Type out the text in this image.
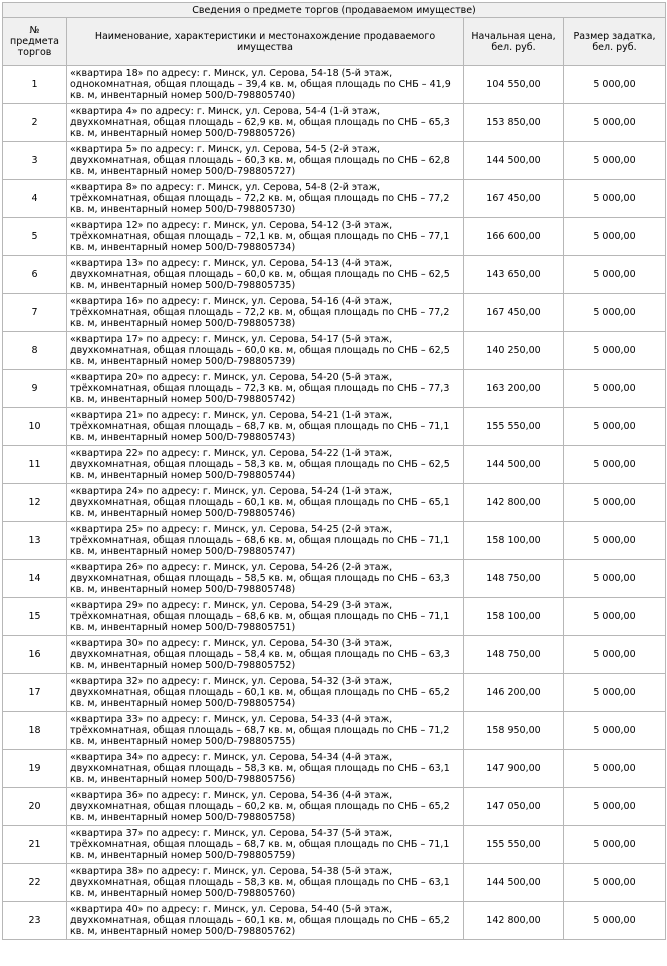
Сведения о предмете торгов (продаваемом имуществе)			
№ предмета торгов	Наименование, характеристики и местонахождение продаваемого имущества	Начальная цена, бел. руб.	Размер задатка, бел. руб.
1	«квартира 18» по адресу: г. Минск, ул. Серова, 54-18 (5-й этаж, однокомнатная, общая площадь – 39,4 кв. м, общая площадь по СНБ – 41,9 кв. м, инвентарный номер 500/D-798805740)	104 550,00	5 000,00
2	«квартира 4» по адресу: г. Минск, ул. Серова, 54-4 (1-й этаж, двухкомнатная, общая площадь – 62,9 кв. м, общая площадь по СНБ – 65,3 кв. м, инвентарный номер 500/D-798805726)	153 850,00	5 000,00
3	«квартира 5» по адресу: г. Минск, ул. Серова, 54-5 (2-й этаж, двухкомнатная, общая площадь – 60,3 кв. м, общая площадь по СНБ – 62,8 кв. м, инвентарный номер 500/D-798805727)	144 500,00	5 000,00
4	«квартира 8» по адресу: г. Минск, ул. Серова, 54-8 (2-й этаж, трёхкомнатная, общая площадь – 72,2 кв. м, общая площадь по СНБ – 77,2 кв. м, инвентарный номер 500/D-798805730)	167 450,00	5 000,00
5	«квартира 12» по адресу: г. Минск, ул. Серова, 54-12 (3-й этаж, трёхкомнатная, общая площадь – 72,1 кв. м, общая площадь по СНБ – 77,1 кв. м, инвентарный номер 500/D-798805734)	166 600,00	5 000,00
6	«квартира 13» по адресу: г. Минск, ул. Серова, 54-13 (4-й этаж, двухкомнатная, общая площадь – 60,0 кв. м, общая площадь по СНБ – 62,5 кв. м, инвентарный номер 500/D-798805735)	143 650,00	5 000,00
7	«квартира 16» по адресу: г. Минск, ул. Серова, 54-16 (4-й этаж, трёхкомнатная, общая площадь – 72,2 кв. м, общая площадь по СНБ – 77,2 кв. м, инвентарный номер 500/D-798805738)	167 450,00	5 000,00
8	«квартира 17» по адресу: г. Минск, ул. Серова, 54-17 (5-й этаж, двухкомнатная, общая площадь – 60,0 кв. м, общая площадь по СНБ – 62,5 кв. м, инвентарный номер 500/D-798805739)	140 250,00	5 000,00
9	«квартира 20» по адресу: г. Минск, ул. Серова, 54-20 (5-й этаж, трёхкомнатная, общая площадь – 72,3 кв. м, общая площадь по СНБ – 77,3 кв. м, инвентарный номер 500/D-798805742)	163 200,00	5 000,00
10	«квартира 21» по адресу: г. Минск, ул. Серова, 54-21 (1-й этаж, трёхкомнатная, общая площадь – 68,7 кв. м, общая площадь по СНБ – 71,1 кв. м, инвентарный номер 500/D-798805743)	155 550,00	5 000,00
11	«квартира 22» по адресу: г. Минск, ул. Серова, 54-22 (1-й этаж, двухкомнатная, общая площадь – 58,3 кв. м, общая площадь по СНБ – 62,5 кв. м, инвентарный номер 500/D-798805744)	144 500,00	5 000,00
12	«квартира 24» по адресу: г. Минск, ул. Серова, 54-24 (1-й этаж, двухкомнатная, общая площадь – 60,1 кв. м, общая площадь по СНБ – 65,1 кв. м, инвентарный номер 500/D-798805746)	142 800,00	5 000,00
13	«квартира 25» по адресу: г. Минск, ул. Серова, 54-25 (2-й этаж, трёхкомнатная, общая площадь – 68,6 кв. м, общая площадь по СНБ – 71,1 кв. м, инвентарный номер 500/D-798805747)	158 100,00	5 000,00
14	«квартира 26» по адресу: г. Минск, ул. Серова, 54-26 (2-й этаж, двухкомнатная, общая площадь – 58,5 кв. м, общая площадь по СНБ – 63,3 кв. м, инвентарный номер 500/D-798805748)	148 750,00	5 000,00
15	«квартира 29» по адресу: г. Минск, ул. Серова, 54-29 (3-й этаж, трёхкомнатная, общая площадь – 68,6 кв. м, общая площадь по СНБ – 71,1 кв. м, инвентарный номер 500/D-798805751)	158 100,00	5 000,00
16	«квартира 30» по адресу: г. Минск, ул. Серова, 54-30 (3-й этаж, двухкомнатная, общая площадь – 58,4 кв. м, общая площадь по СНБ – 63,3 кв. м, инвентарный номер 500/D-798805752)	148 750,00	5 000,00
17	«квартира 32» по адресу: г. Минск, ул. Серова, 54-32 (3-й этаж, двухкомнатная, общая площадь – 60,1 кв. м, общая площадь по СНБ – 65,2 кв. м, инвентарный номер 500/D-798805754)	146 200,00	5 000,00
18	«квартира 33» по адресу: г. Минск, ул. Серова, 54-33 (4-й этаж, трёхкомнатная, общая площадь – 68,7 кв. м, общая площадь по СНБ – 71,2 кв. м, инвентарный номер 500/D-798805755)	158 950,00	5 000,00
19	«квартира 34» по адресу: г. Минск, ул. Серова, 54-34 (4-й этаж, двухкомнатная, общая площадь – 58,3 кв. м, общая площадь по СНБ – 63,1 кв. м, инвентарный номер 500/D-798805756)	147 900,00	5 000,00
20	«квартира 36» по адресу: г. Минск, ул. Серова, 54-36 (4-й этаж, двухкомнатная, общая площадь – 60,2 кв. м, общая площадь по СНБ – 65,2 кв. м, инвентарный номер 500/D-798805758)	147 050,00	5 000,00
21	«квартира 37» по адресу: г. Минск, ул. Серова, 54-37 (5-й этаж, трёхкомнатная, общая площадь – 68,7 кв. м, общая площадь по СНБ – 71,1 кв. м, инвентарный номер 500/D-798805759)	155 550,00	5 000,00
22	«квартира 38» по адресу: г. Минск, ул. Серова, 54-38 (5-й этаж, двухкомнатная, общая площадь – 58,3 кв. м, общая площадь по СНБ – 63,1 кв. м, инвентарный номер 500/D-798805760)	144 500,00	5 000,00
23	«квартира 40» по адресу: г. Минск, ул. Серова, 54-40 (5-й этаж, двухкомнатная, общая площадь – 60,1 кв. м, общая площадь по СНБ – 65,2 кв. м, инвентарный номер 500/D-798805762)	142 800,00	5 000,00
